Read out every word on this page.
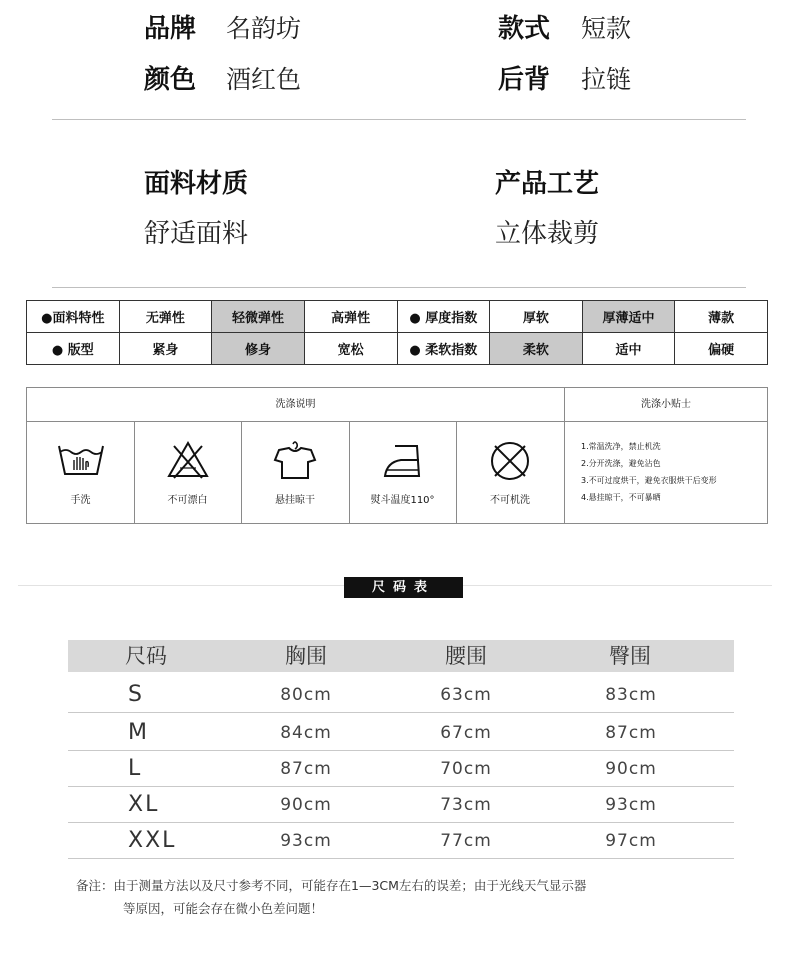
品牌 名韵坊	款式 短款
颜色 酒红色	后背 拉链
面料材质
舒适面料
产品工艺
立体裁剪
●面料特性	无弹性	轻微弹性	高弹性	● 厚度指数	厚软	厚薄适中	薄款
● 版型	紧身	修身	宽松	● 柔软指数	柔软	适中	偏硬
洗涤说明	洗涤小贴士
手洗	不可漂白	悬挂晾干	熨斗温度110°	不可机洗
1.常温洗净，禁止机洗
2.分开洗涤，避免沾色
3.不可过度烘干，避免衣服烘干后变形
4.悬挂晾干，不可暴晒
尺码表
尺码	胸围	腰围	臀围
S	80cm	63cm	83cm
M	84cm	67cm	87cm
L	87cm	70cm	90cm
XL	90cm	73cm	93cm
XXL	93cm	77cm	97cm
备注：由于测量方法以及尺寸参考不同，可能存在1—3CM左右的误差；由于光线天气显示器
等原因，可能会存在微小色差问题！
